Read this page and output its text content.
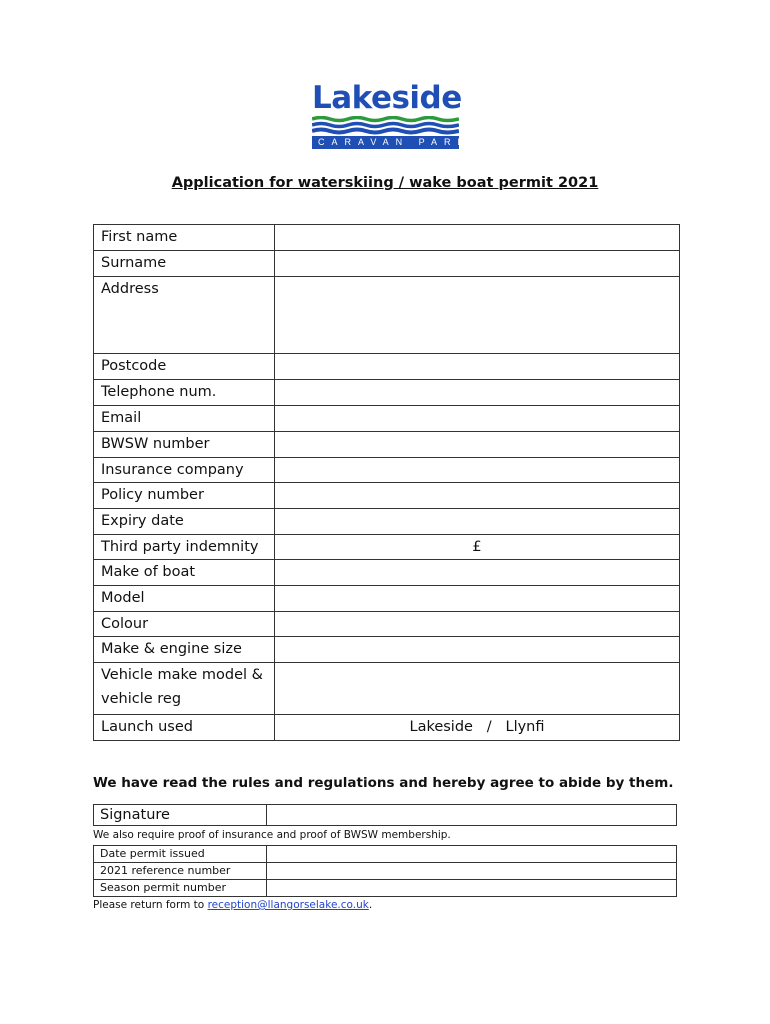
Lakeside
CARAVAN PARK
Application for waterskiing / wake boat permit 2021
First name	
Surname	
Address	
Postcode	
Telephone num.	
Email	
BWSW number	
Insurance company	
Policy number	
Expiry date	
Third party indemnity	£
Make of boat	
Model	
Colour	
Make & engine size	
Vehicle make model & vehicle reg	
Launch used	Lakeside   /   Llynfi
We have read the rules and regulations and hereby agree to abide by them.
Signature	
We also require proof of insurance and proof of BWSW membership.
Date permit issued	
2021 reference number	
Season permit number	
Please return form to reception@llangorselake.co.uk.
